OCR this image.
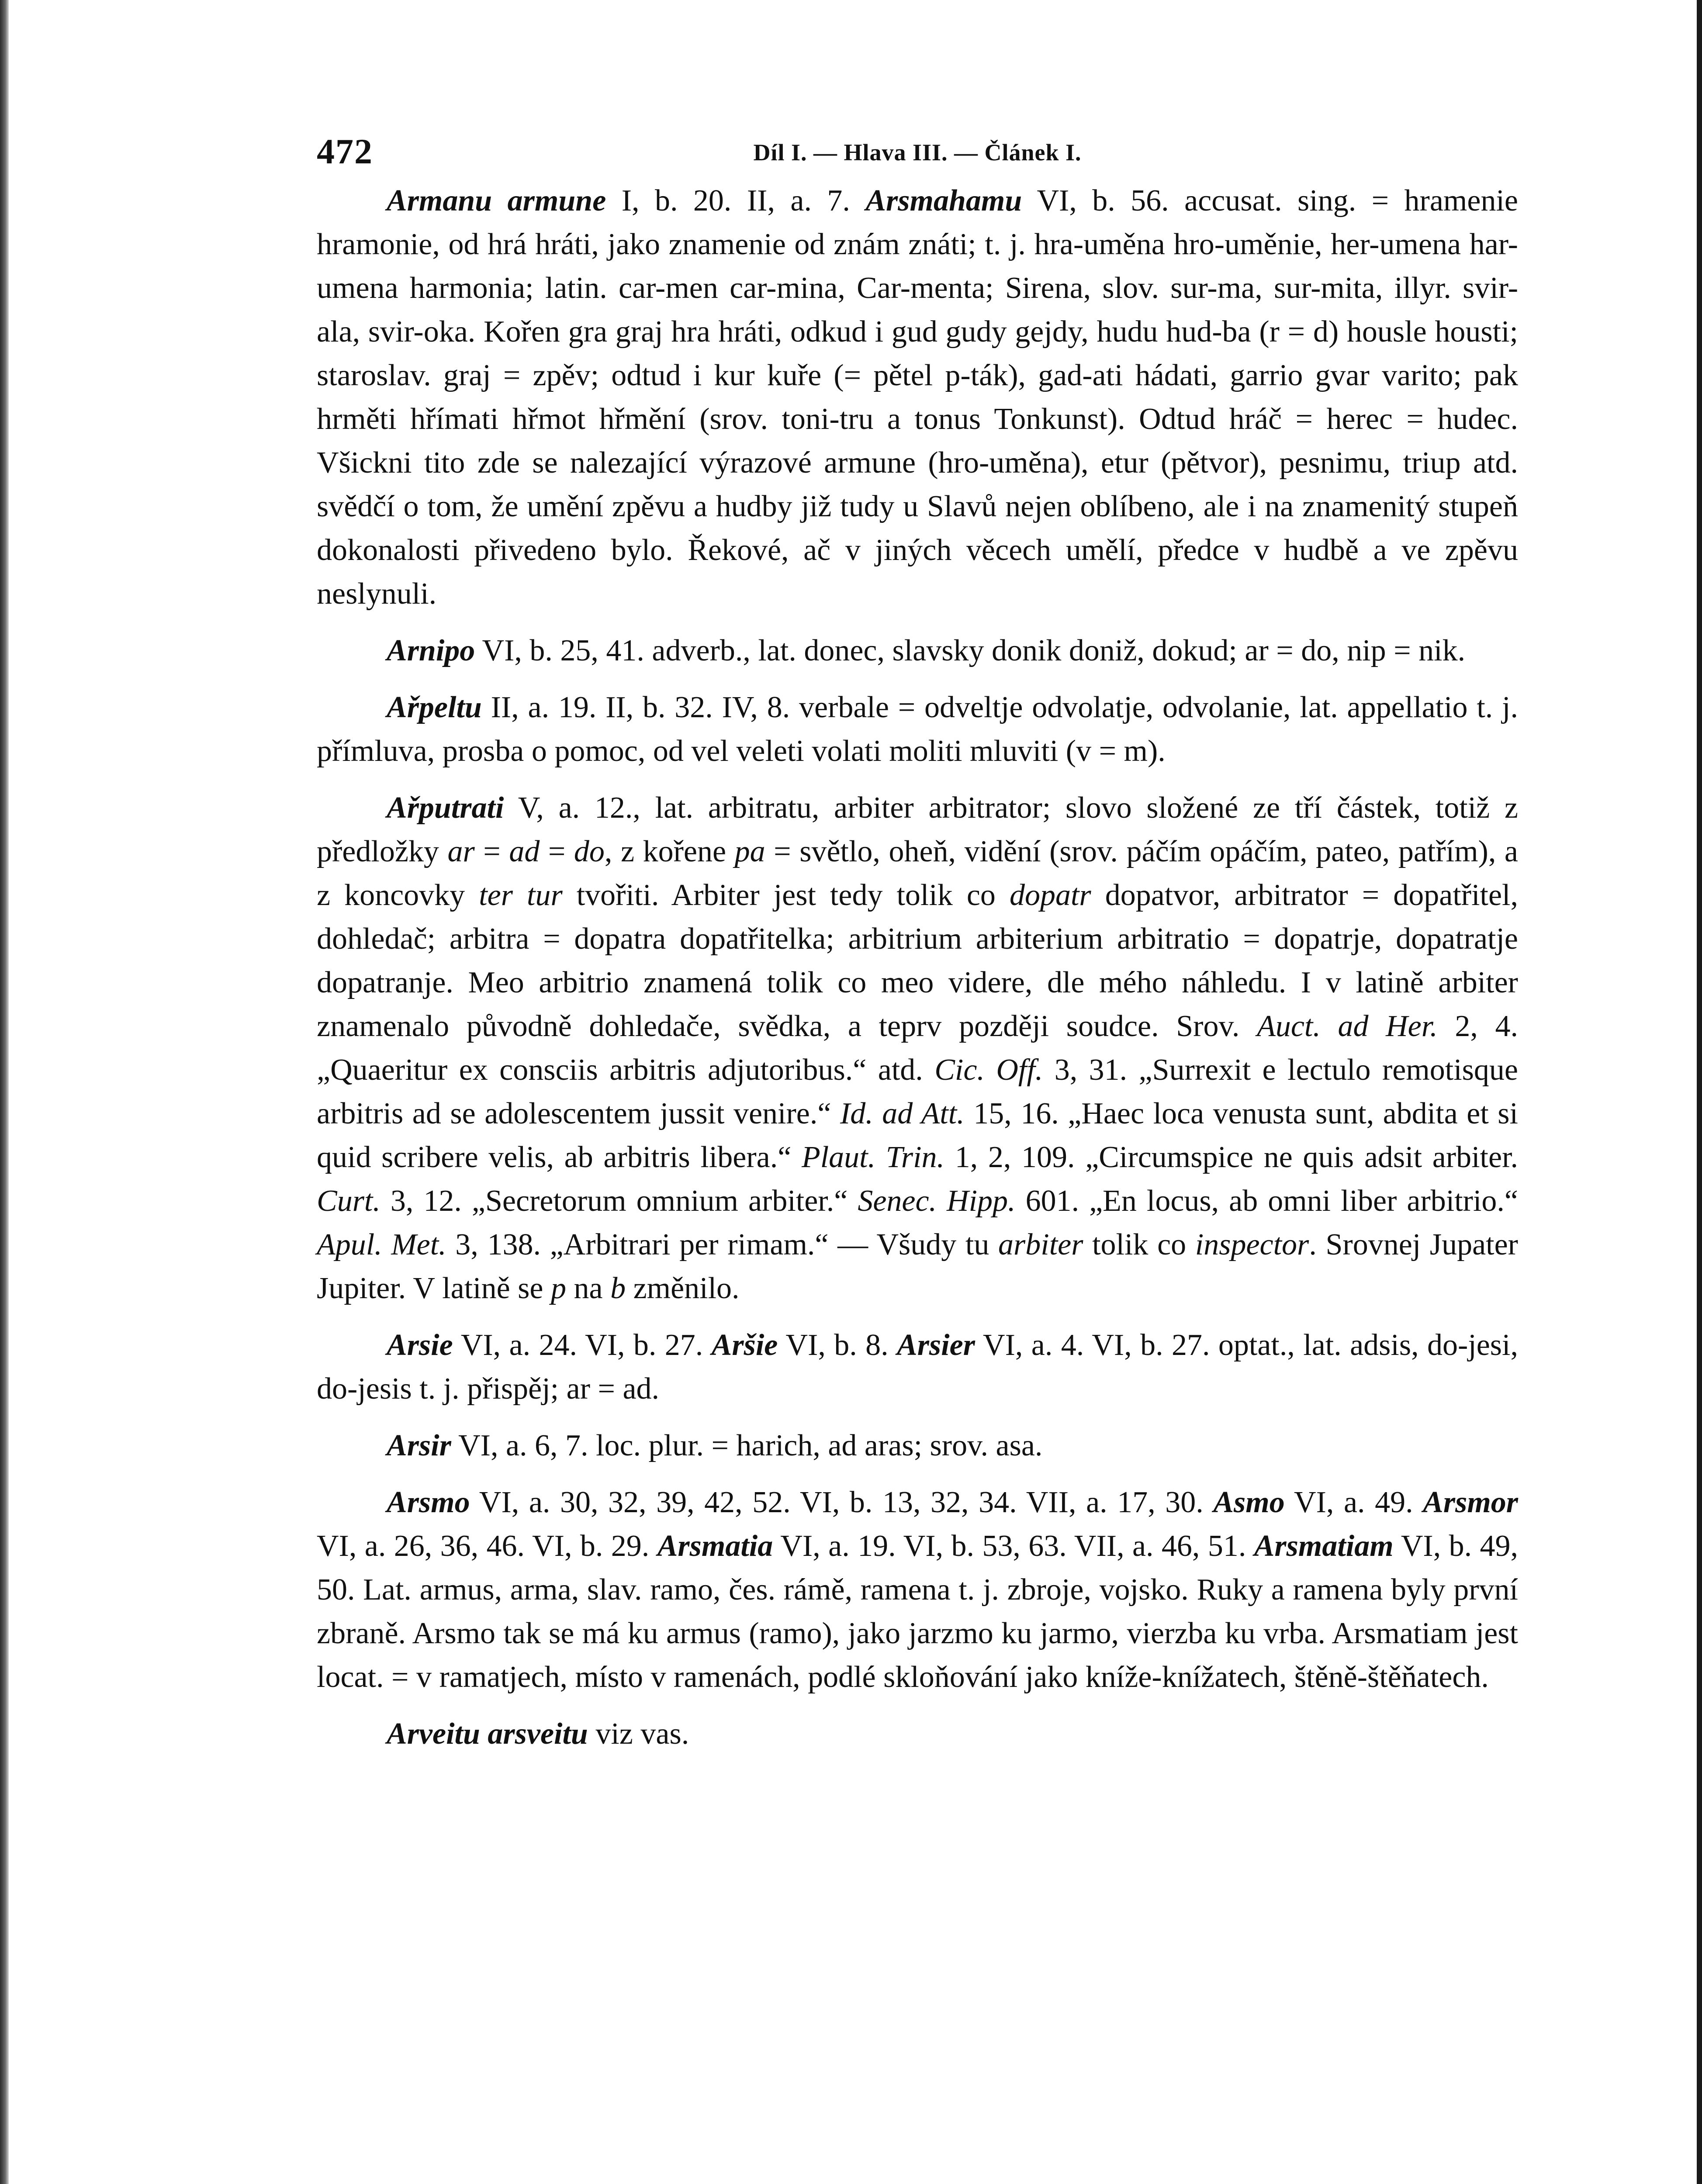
472	Díl I. — Hlava III. — Článek I.

Armanu armune I, b. 20. II, a. 7. Arsmahamu VI, b. 56. accusat. sing. = hramenie hramonie, od hrá hráti, jako znamenie od znám znáti; t. j. hra-uměna hro-uměnie, her-umena har-umena harmonia; latin. car-men car-mina, Car-menta; Sirena, slov. sur-ma, sur-mita, illyr. svir-ala, svir-oka. Kořen gra graj hra hráti, odkud i gud gudy gejdy, hudu hud-ba (r = d) housle housti; staroslav. graj = zpěv; odtud i kur kuře (= pětel p-ták), gad-ati hádati, garrio gvar varito; pak hrměti hřímati hřmot hřmění (srov. toni-tru a tonus Tonkunst). Odtud hráč = herec = hudec. Všickni tito zde se nalezající výrazové armune (hro-uměna), etur (pětvor), pesnimu, triup atd. svědčí o tom, že umění zpěvu a hudby již tudy u Slavů nejen oblíbeno, ale i na znamenitý stupeň dokonalosti přivedeno bylo. Řekové, ač v jiných věcech umělí, předce v hudbě a ve zpěvu neslynuli.

Arnipo VI, b. 25, 41. adverb., lat. donec, slavsky donik doniž, dokud; ar = do, nip = nik.

Ařpeltu II, a. 19. II, b. 32. IV, 8. verbale = odveltje odvolatje, odvolanie, lat. appellatio t. j. přímluva, prosba o pomoc, od vel veleti volati moliti mluviti (v = m).

Ařputrati V, a. 12., lat. arbitratu, arbiter arbitrator; slovo složené ze tří částek, totiž z předložky ar = ad = do, z kořene pa = světlo, oheň, vidění (srov. páčím opáčím, pateo, patřím), a z koncovky ter tur tvořiti. Arbiter jest tedy tolik co dopatr dopatvor, arbitrator = dopatřitel, dohledač; arbitra = dopatra dopatřitelka; arbitrium arbiterium arbitratio = dopatrje, dopatratje dopatranje. Meo arbitrio znamená tolik co meo videre, dle mého náhledu. I v latině arbiter znamenalo původně dohledače, svědka, a teprv později soudce. Srov. Auct. ad Her. 2, 4. „Quaeritur ex consciis arbitris adjutoribus.“ atd. Cic. Off. 3, 31. „Surrexit e lectulo remotisque arbitris ad se adolescentem jussit venire.“ Id. ad Att. 15, 16. „Haec loca venusta sunt, abdita et si quid scribere velis, ab arbitris libera.“ Plaut. Trin. 1, 2, 109. „Circumspice ne quis adsit arbiter. Curt. 3, 12. „Secretorum omnium arbiter.“ Senec. Hipp. 601. „En locus, ab omni liber arbitrio.“ Apul. Met. 3, 138. „Arbitrari per rimam.“ — Všudy tu arbiter tolik co inspector. Srovnej Jupater Jupiter. V latině se p na b změnilo.

Arsie VI, a. 24. VI, b. 27. Aršie VI, b. 8. Arsier VI, a. 4. VI, b. 27. optat., lat. adsis, do-jesi, do-jesis t. j. přispěj; ar = ad.

Arsir VI, a. 6, 7. loc. plur. = harich, ad aras; srov. asa.

Arsmo VI, a. 30, 32, 39, 42, 52. VI, b. 13, 32, 34. VII, a. 17, 30. Asmo VI, a. 49. Arsmor VI, a. 26, 36, 46. VI, b. 29. Arsmatia VI, a. 19. VI, b. 53, 63. VII, a. 46, 51. Arsmatiam VI, b. 49, 50. Lat. armus, arma, slav. ramo, čes. rámě, ramena t. j. zbroje, vojsko. Ruky a ramena byly první zbraně. Arsmo tak se má ku armus (ramo), jako jarzmo ku jarmo, vierzba ku vrba. Arsmatiam jest locat. = v ramatjech, místo v ramenách, podlé skloňování jako kníže-knížatech, štěně-štěňatech.

Arveitu arsveitu viz vas.
